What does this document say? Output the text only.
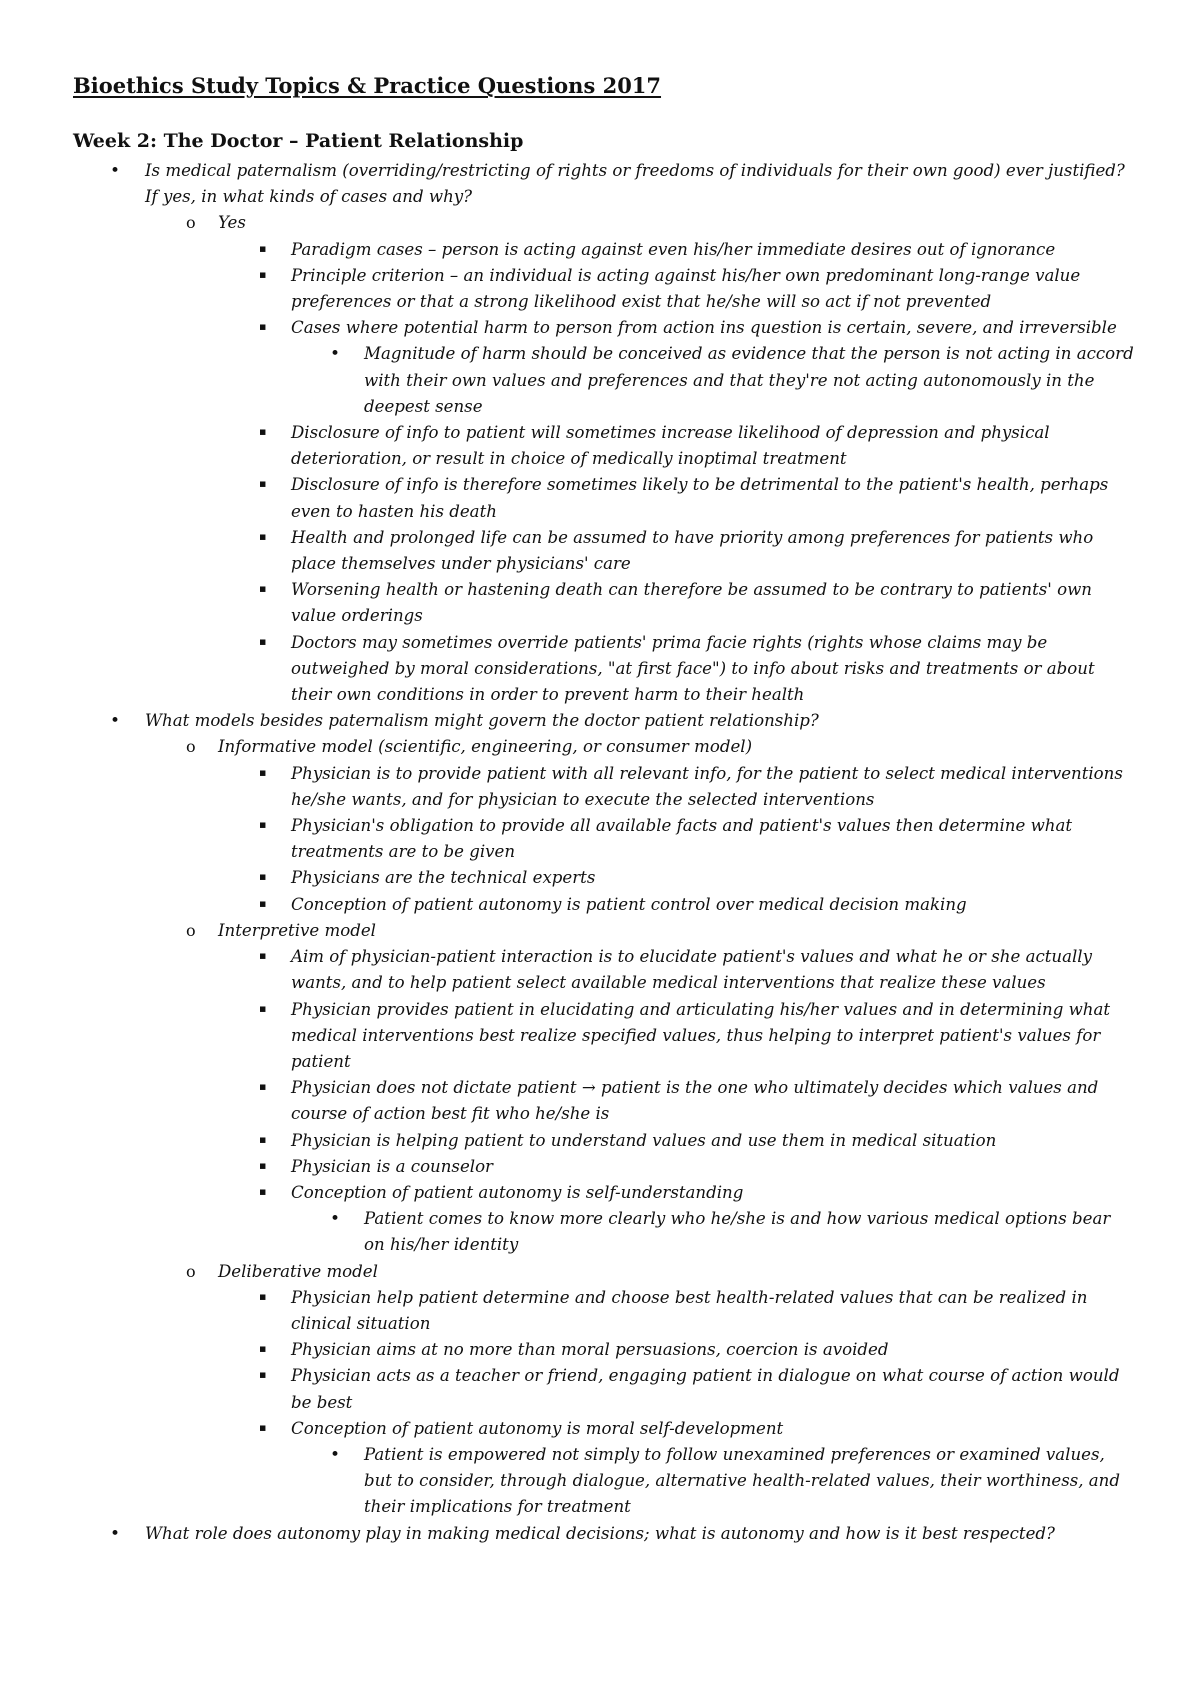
Bioethics Study Topics & Practice Questions 2017
Week 2: The Doctor – Patient Relationship
• Is medical paternalism (overriding/restricting of rights or freedoms of individuals for their own good) ever justified? If yes, in what kinds of cases and why?
o Yes
▪ Paradigm cases – person is acting against even his/her immediate desires out of ignorance
▪ Principle criterion – an individual is acting against his/her own predominant long-range value preferences or that a strong likelihood exist that he/she will so act if not prevented
▪ Cases where potential harm to person from action ins question is certain, severe, and irreversible
• Magnitude of harm should be conceived as evidence that the person is not acting in accord with their own values and preferences and that they're not acting autonomously in the deepest sense
▪ Disclosure of info to patient will sometimes increase likelihood of depression and physical deterioration, or result in choice of medically inoptimal treatment
▪ Disclosure of info is therefore sometimes likely to be detrimental to the patient's health, perhaps even to hasten his death
▪ Health and prolonged life can be assumed to have priority among preferences for patients who place themselves under physicians' care
▪ Worsening health or hastening death can therefore be assumed to be contrary to patients' own value orderings
▪ Doctors may sometimes override patients' prima facie rights (rights whose claims may be outweighed by moral considerations, "at first face") to info about risks and treatments or about their own conditions in order to prevent harm to their health
• What models besides paternalism might govern the doctor patient relationship?
o Informative model (scientific, engineering, or consumer model)
▪ Physician is to provide patient with all relevant info, for the patient to select medical interventions he/she wants, and for physician to execute the selected interventions
▪ Physician's obligation to provide all available facts and patient's values then determine what treatments are to be given
▪ Physicians are the technical experts
▪ Conception of patient autonomy is patient control over medical decision making
o Interpretive model
▪ Aim of physician-patient interaction is to elucidate patient's values and what he or she actually wants, and to help patient select available medical interventions that realize these values
▪ Physician provides patient in elucidating and articulating his/her values and in determining what medical interventions best realize specified values, thus helping to interpret patient's values for patient
▪ Physician does not dictate patient → patient is the one who ultimately decides which values and course of action best fit who he/she is
▪ Physician is helping patient to understand values and use them in medical situation
▪ Physician is a counselor
▪ Conception of patient autonomy is self-understanding
• Patient comes to know more clearly who he/she is and how various medical options bear on his/her identity
o Deliberative model
▪ Physician help patient determine and choose best health-related values that can be realized in clinical situation
▪ Physician aims at no more than moral persuasions, coercion is avoided
▪ Physician acts as a teacher or friend, engaging patient in dialogue on what course of action would be best
▪ Conception of patient autonomy is moral self-development
• Patient is empowered not simply to follow unexamined preferences or examined values, but to consider, through dialogue, alternative health-related values, their worthiness, and their implications for treatment
• What role does autonomy play in making medical decisions; what is autonomy and how is it best respected?
